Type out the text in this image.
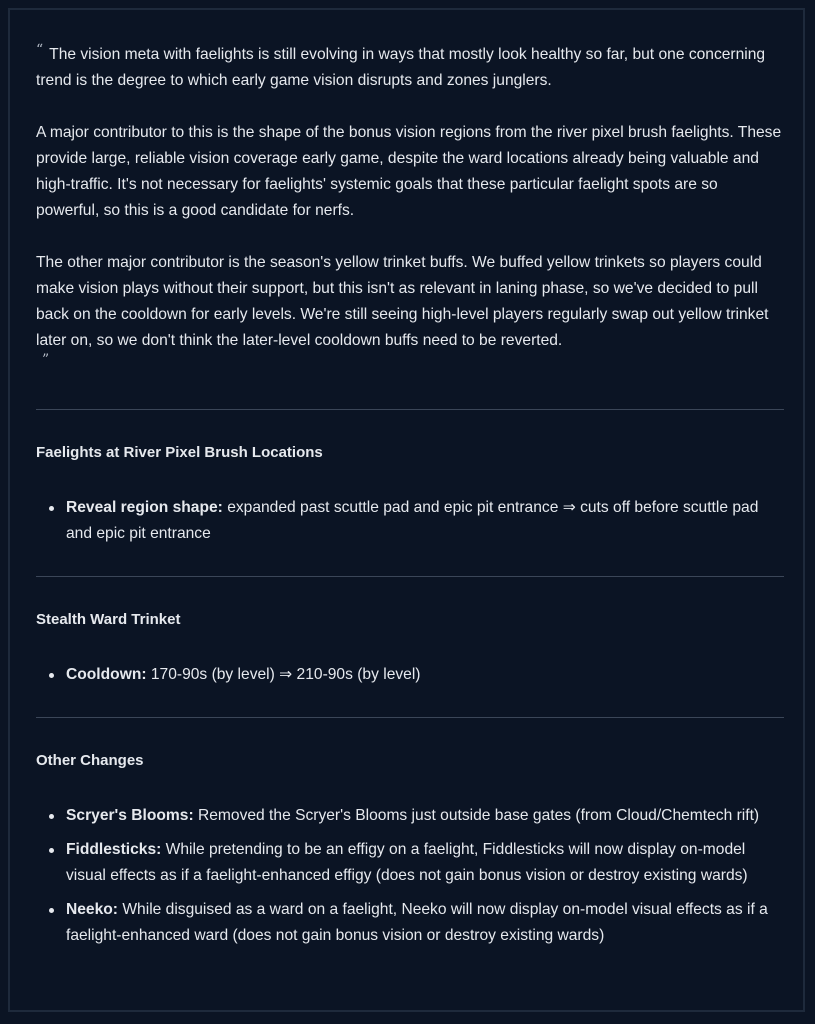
“ The vision meta with faelights is still evolving in ways that mostly look healthy so far, but one concerning trend is the degree to which early game vision disrupts and zones junglers.

A major contributor to this is the shape of the bonus vision regions from the river pixel brush faelights. These provide large, reliable vision coverage early game, despite the ward locations already being valuable and high-traffic. It's not necessary for faelights' systemic goals that these particular faelight spots are so powerful, so this is a good candidate for nerfs.

The other major contributor is the season's yellow trinket buffs. We buffed yellow trinkets so players could make vision plays without their support, but this isn't as relevant in laning phase, so we've decided to pull back on the cooldown for early levels. We're still seeing high-level players regularly swap out yellow trinket later on, so we don't think the later-level cooldown buffs need to be reverted.

”
Faelights at River Pixel Brush Locations
Reveal region shape: expanded past scuttle pad and epic pit entrance ⇒ cuts off before scuttle pad and epic pit entrance
Stealth Ward Trinket
Cooldown: 170-90s (by level) ⇒ 210-90s (by level)
Other Changes
Scryer's Blooms: Removed the Scryer's Blooms just outside base gates (from Cloud/Chemtech rift)
Fiddlesticks: While pretending to be an effigy on a faelight, Fiddlesticks will now display on-model visual effects as if a faelight-enhanced effigy (does not gain bonus vision or destroy existing wards)
Neeko: While disguised as a ward on a faelight, Neeko will now display on-model visual effects as if a faelight-enhanced ward (does not gain bonus vision or destroy existing wards)
